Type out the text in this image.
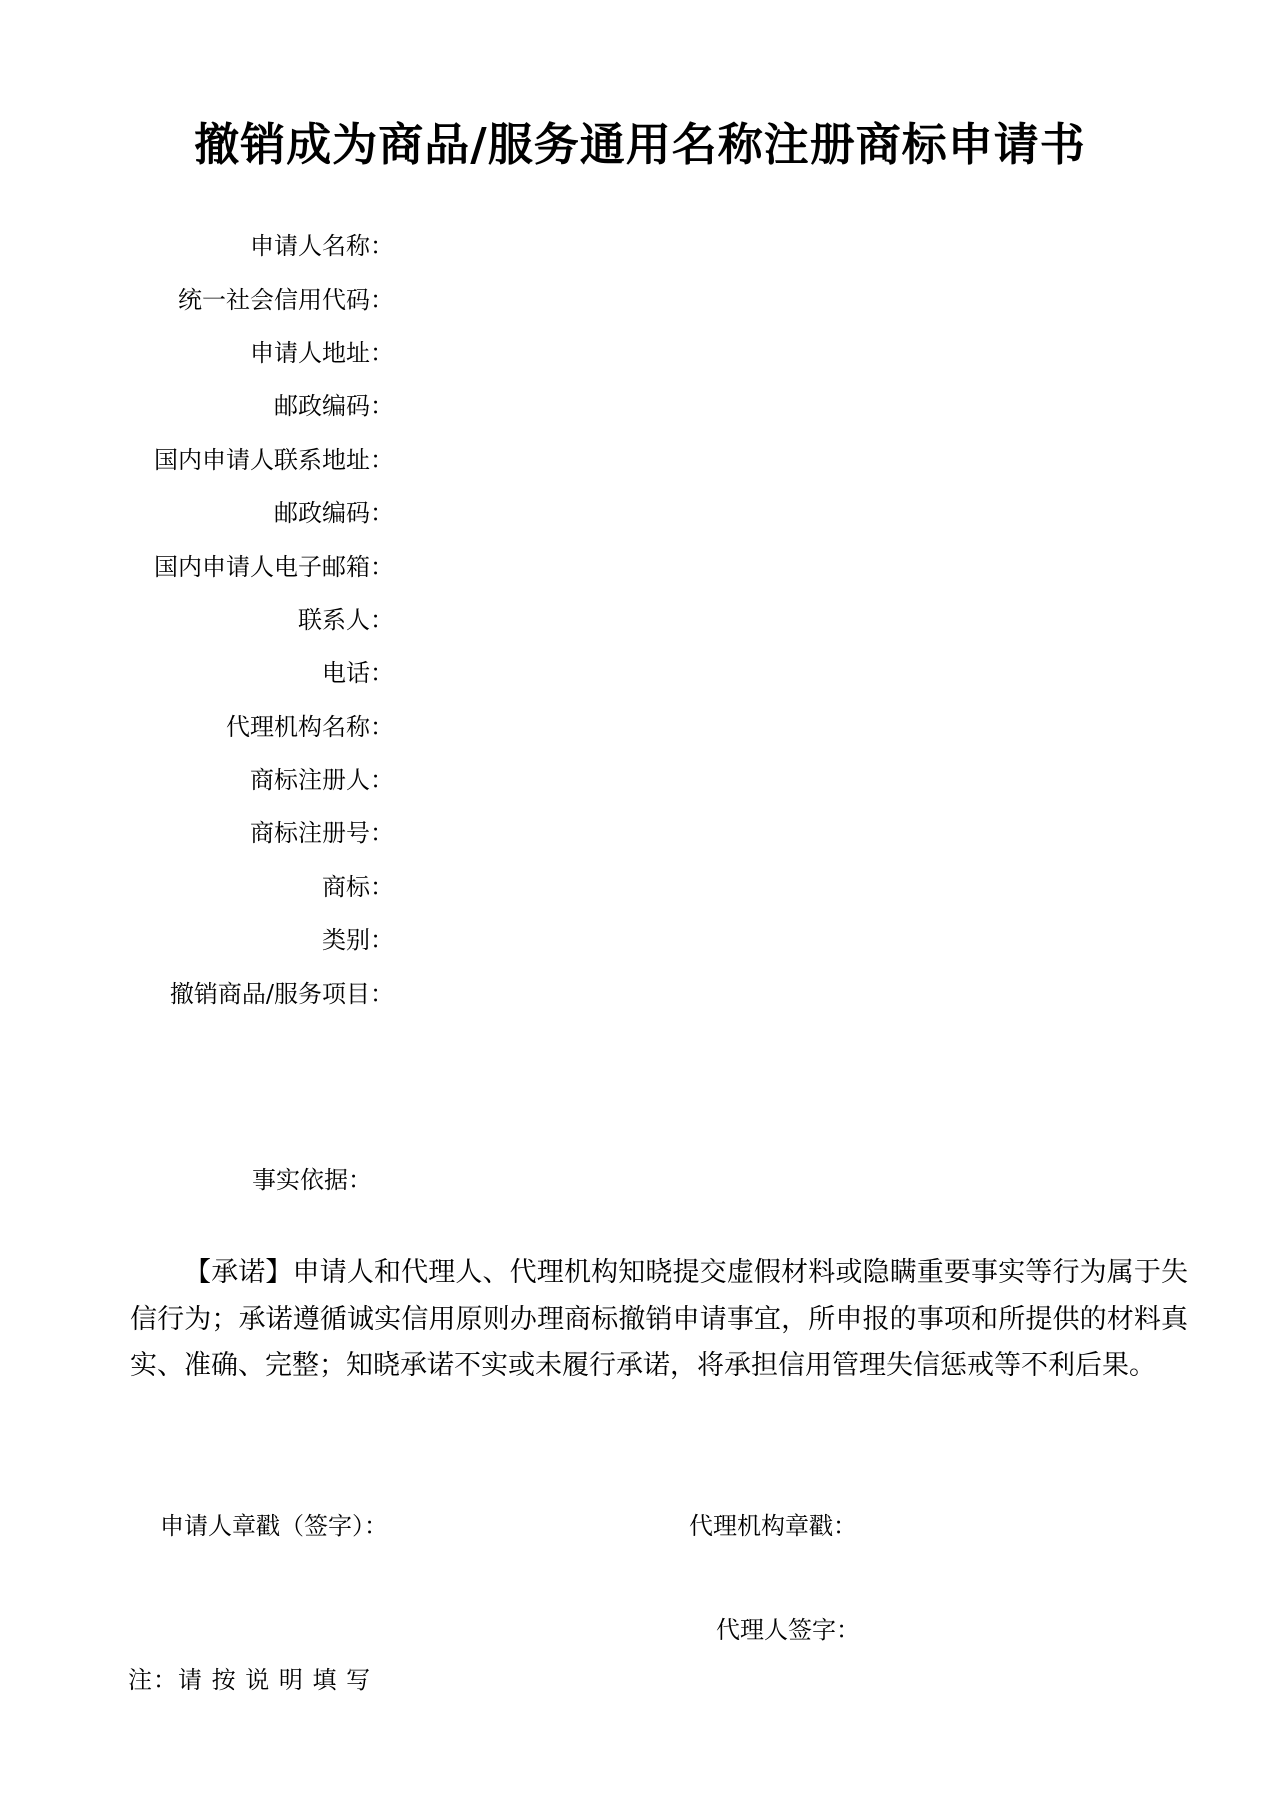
撤销成为商品/服务通用名称注册商标申请书
申请人名称：
统一社会信用代码：
申请人地址：
邮政编码：
国内申请人联系地址：
邮政编码：
国内申请人电子邮箱：
联系人：
电话：
代理机构名称：
商标注册人：
商标注册号：
商标：
类别：
撤销商品/服务项目：
事实依据：
【承诺】申请人和代理人、代理机构知晓提交虚假材料或隐瞒重要事实等行为属于失信行为；承诺遵循诚实信用原则办理商标撤销申请事宜，所申报的事项和所提供的材料真实、准确、完整；知晓承诺不实或未履行承诺，将承担信用管理失信惩戒等不利后果。
申请人章戳（签字）：	代理机构章戳：
代理人签字：
注：请 按 说 明 填 写
